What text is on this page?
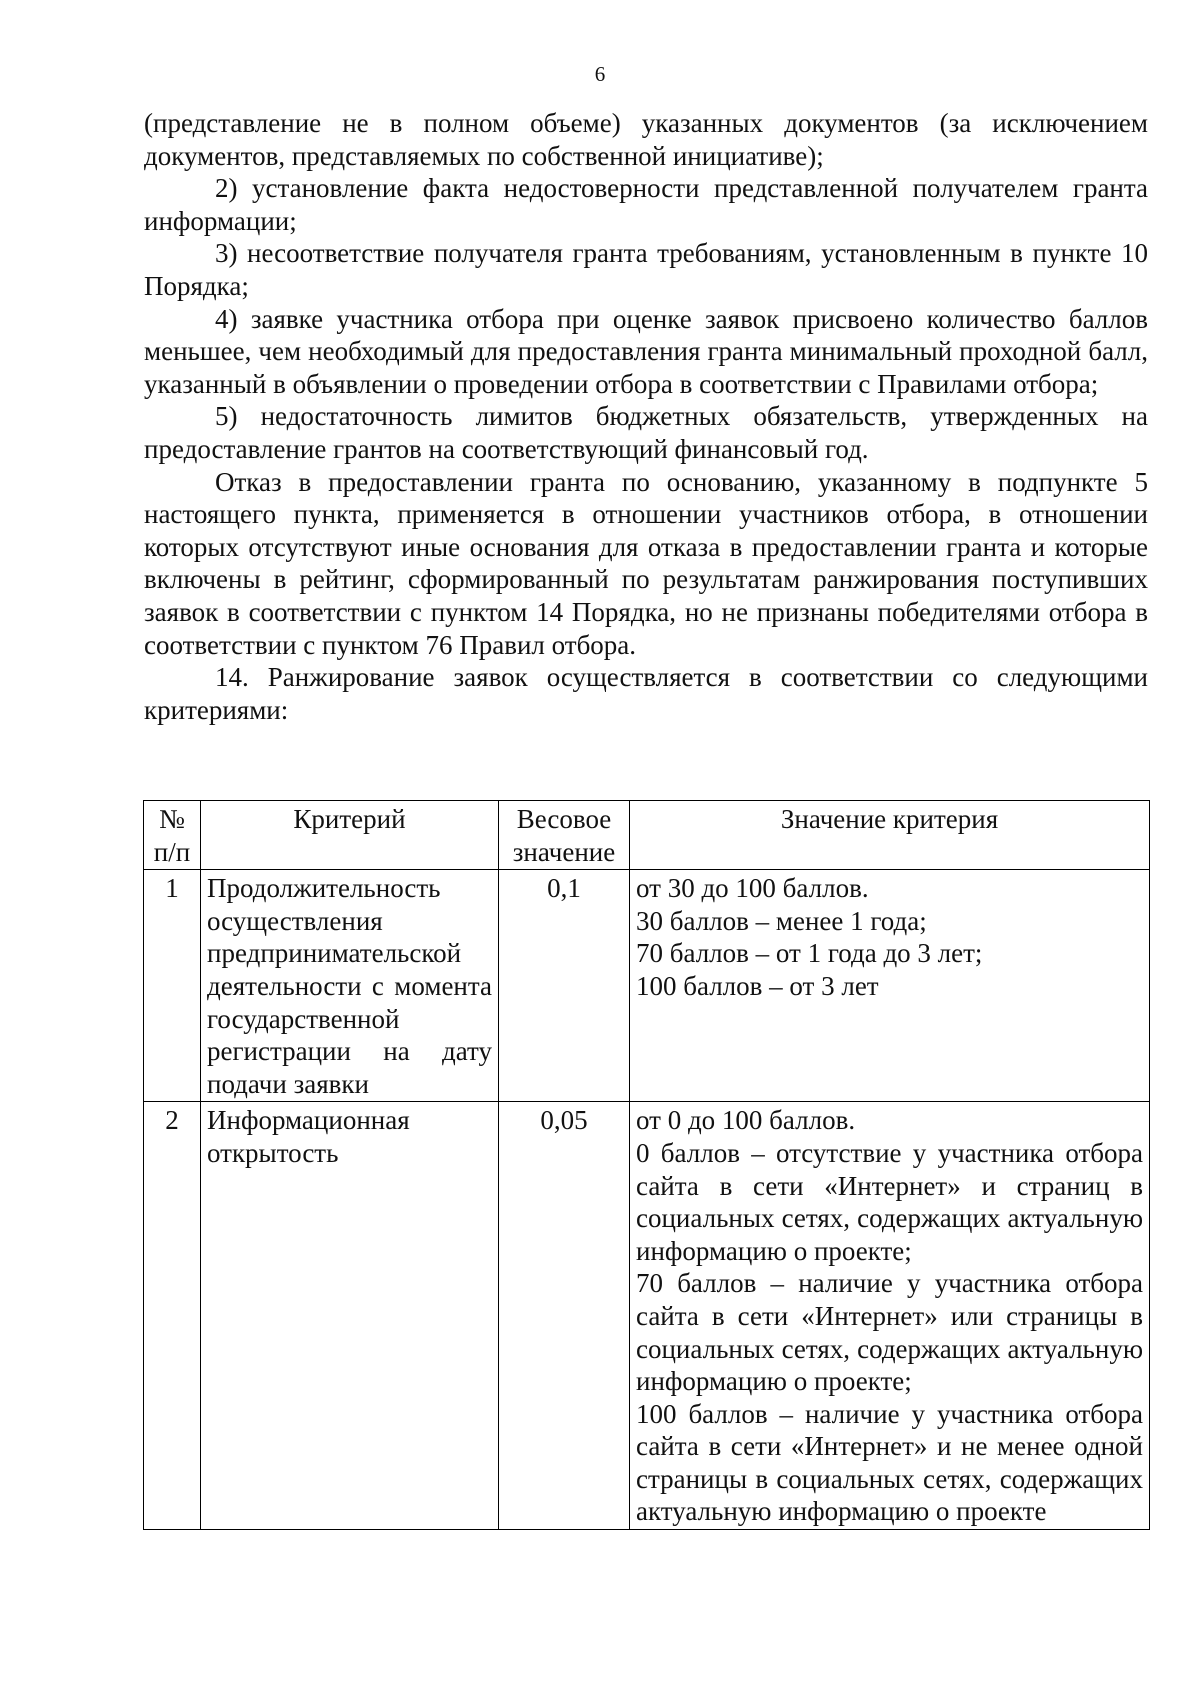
6

(представление не в полном объеме) указанных документов (за исключением документов, представляемых по собственной инициативе);

2) установление факта недостоверности представленной получателем гранта информации;

3) несоответствие получателя гранта требованиям, установленным в пункте 10 Порядка;

4) заявке участника отбора при оценке заявок присвоено количество баллов меньшее, чем необходимый для предоставления гранта минимальный проходной балл, указанный в объявлении о проведении отбора в соответствии с Правилами отбора;

5) недостаточность лимитов бюджетных обязательств, утвержденных на предоставление грантов на соответствующий финансовый год.

Отказ в предоставлении гранта по основанию, указанному в подпункте 5 настоящего пункта, применяется в отношении участников отбора, в отношении которых отсутствуют иные основания для отказа в предоставлении гранта и которые включены в рейтинг, сформированный по результатам ранжирования поступивших заявок в соответствии с пунктом 14 Порядка, но не признаны победителями отбора в соответствии с пунктом 76 Правил отбора.

14. Ранжирование заявок осуществляется в соответствии со следующими критериями:

№ п/п	Критерий	Весовое значение	Значение критерия
1	Продолжительность осуществления предпринимательской деятельности с момента государственной регистрации на дату подачи заявки	0,1	от 30 до 100 баллов.
30 баллов – менее 1 года;
70 баллов – от 1 года до 3 лет;
100 баллов – от 3 лет

2	Информационная открытость	0,05	от 0 до 100 баллов.
0 баллов – отсутствие у участника отбора сайта в сети «Интернет» и страниц в социальных сетях, содержащих актуальную информацию о проекте;
70 баллов – наличие у участника отбора сайта в сети «Интернет» или страницы в социальных сетях, содержащих актуальную информацию о проекте;
100 баллов – наличие у участника отбора сайта в сети «Интернет» и не менее одной страницы в социальных сетях, содержащих актуальную информацию о проекте
